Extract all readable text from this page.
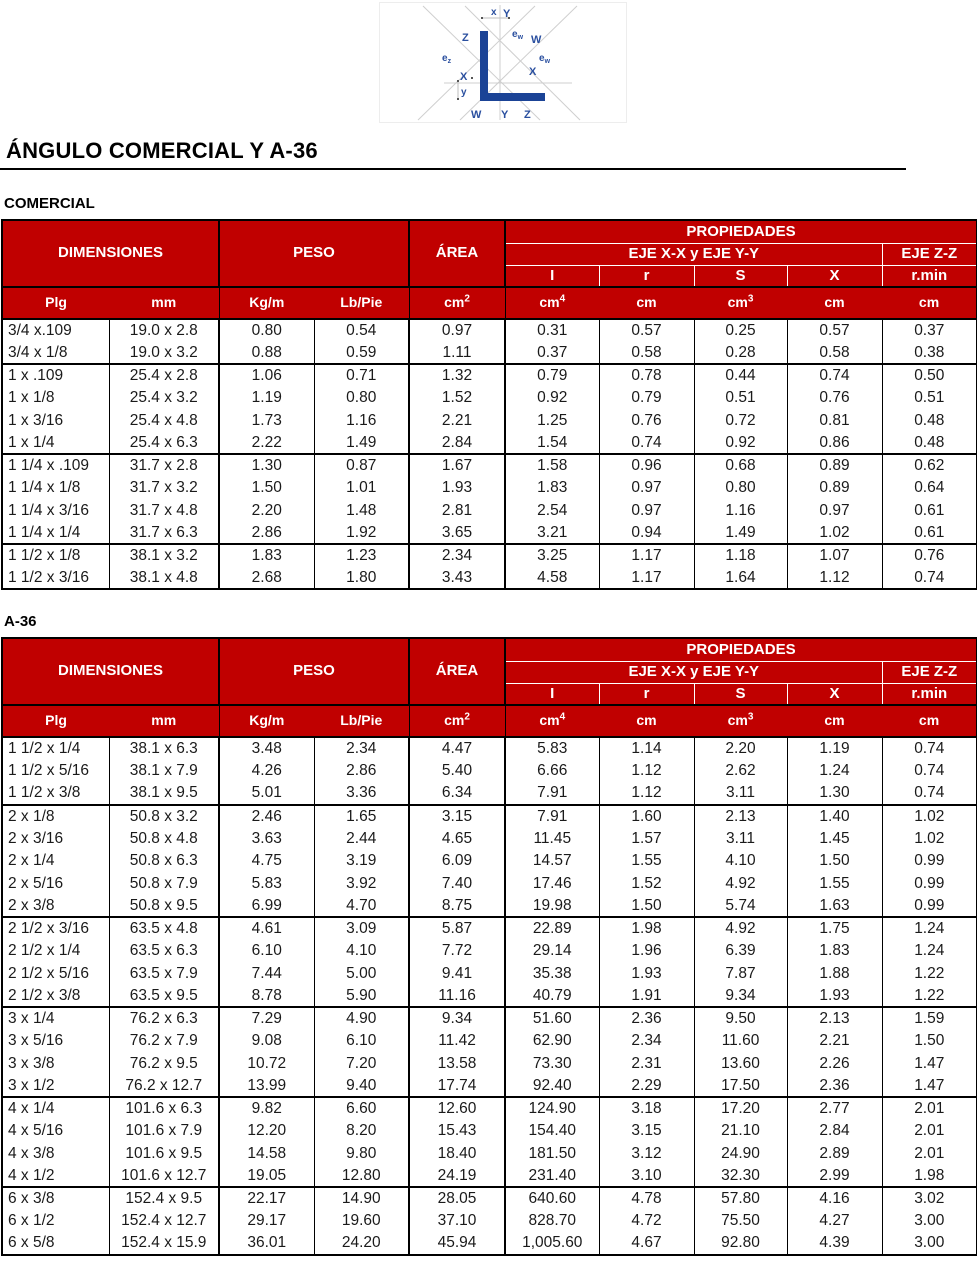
Y
x
Z	$e_w$ W
$e_z$	$e_w$
X	X
y
W Y Z
ÁNGULO COMERCIAL Y A-36
COMERCIAL
DIMENSIONES		PESO		ÁREA	PROPIEDADES				
					EJE X-X y EJE Y-Y				EJE Z-Z
					I	r	S	X	r.min
Plg	mm	Kg/m	Lb/Pie	$cm^2$	$cm^4$	cm	$cm^3$	cm	cm
3/4 x.109	19.0 x 2.8	0.80	0.54	0.97	0.31	0.57	0.25	0.57	0.37
3/4 x 1/8	19.0 x 3.2	0.88	0.59	1.11	0.37	0.58	0.28	0.58	0.38
1 x .109	25.4 x 2.8	1.06	0.71	1.32	0.79	0.78	0.44	0.74	0.50
1 x 1/8	25.4 x 3.2	1.19	0.80	1.52	0.92	0.79	0.51	0.76	0.51
1 x 3/16	25.4 x 4.8	1.73	1.16	2.21	1.25	0.76	0.72	0.81	0.48
1 x 1/4	25.4 x 6.3	2.22	1.49	2.84	1.54	0.74	0.92	0.86	0.48
1 1/4 x .109	31.7 x 2.8	1.30	0.87	1.67	1.58	0.96	0.68	0.89	0.62
1 1/4 x 1/8	31.7 x 3.2	1.50	1.01	1.93	1.83	0.97	0.80	0.89	0.64
1 1/4 x 3/16	31.7 x 4.8	2.20	1.48	2.81	2.54	0.97	1.16	0.97	0.61
1 1/4 x 1/4	31.7 x 6.3	2.86	1.92	3.65	3.21	0.94	1.49	1.02	0.61
1 1/2 x 1/8	38.1 x 3.2	1.83	1.23	2.34	3.25	1.17	1.18	1.07	0.76
1 1/2 x 3/16	38.1 x 4.8	2.68	1.80	3.43	4.58	1.17	1.64	1.12	0.74
A-36
DIMENSIONES		PESO		ÁREA	PROPIEDADES				
					EJE X-X y EJE Y-Y				EJE Z-Z
					I	r	S	X	r.min
Plg	mm	Kg/m	Lb/Pie	$cm^2$	$cm^4$	cm	$cm^3$	cm	cm
1 1/2 x 1/4	38.1 x 6.3	3.48	2.34	4.47	5.83	1.14	2.20	1.19	0.74
1 1/2 x 5/16	38.1 x 7.9	4.26	2.86	5.40	6.66	1.12	2.62	1.24	0.74
1 1/2 x 3/8	38.1 x 9.5	5.01	3.36	6.34	7.91	1.12	3.11	1.30	0.74
2 x 1/8	50.8 x 3.2	2.46	1.65	3.15	7.91	1.60	2.13	1.40	1.02
2 x 3/16	50.8 x 4.8	3.63	2.44	4.65	11.45	1.57	3.11	1.45	1.02
2 x 1/4	50.8 x 6.3	4.75	3.19	6.09	14.57	1.55	4.10	1.50	0.99
2 x 5/16	50.8 x 7.9	5.83	3.92	7.40	17.46	1.52	4.92	1.55	0.99
2 x 3/8	50.8 x 9.5	6.99	4.70	8.75	19.98	1.50	5.74	1.63	0.99
2 1/2 x 3/16	63.5 x 4.8	4.61	3.09	5.87	22.89	1.98	4.92	1.75	1.24
2 1/2 x 1/4	63.5 x 6.3	6.10	4.10	7.72	29.14	1.96	6.39	1.83	1.24
2 1/2 x 5/16	63.5 x 7.9	7.44	5.00	9.41	35.38	1.93	7.87	1.88	1.22
2 1/2 x 3/8	63.5 x 9.5	8.78	5.90	11.16	40.79	1.91	9.34	1.93	1.22
3 x 1/4	76.2 x 6.3	7.29	4.90	9.34	51.60	2.36	9.50	2.13	1.59
3 x 5/16	76.2 x 7.9	9.08	6.10	11.42	62.90	2.34	11.60	2.21	1.50
3 x 3/8	76.2 x 9.5	10.72	7.20	13.58	73.30	2.31	13.60	2.26	1.47
3 x 1/2	76.2 x 12.7	13.99	9.40	17.74	92.40	2.29	17.50	2.36	1.47
4 x 1/4	101.6 x 6.3	9.82	6.60	12.60	124.90	3.18	17.20	2.77	2.01
4 x 5/16	101.6 x 7.9	12.20	8.20	15.43	154.40	3.15	21.10	2.84	2.01
4 x 3/8	101.6 x 9.5	14.58	9.80	18.40	181.50	3.12	24.90	2.89	2.01
4 x 1/2	101.6 x 12.7	19.05	12.80	24.19	231.40	3.10	32.30	2.99	1.98
6 x 3/8	152.4 x 9.5	22.17	14.90	28.05	640.60	4.78	57.80	4.16	3.02
6 x 1/2	152.4 x 12.7	29.17	19.60	37.10	828.70	4.72	75.50	4.27	3.00
6 x 5/8	152.4 x 15.9	36.01	24.20	45.94	1,005.60	4.67	92.80	4.39	3.00
